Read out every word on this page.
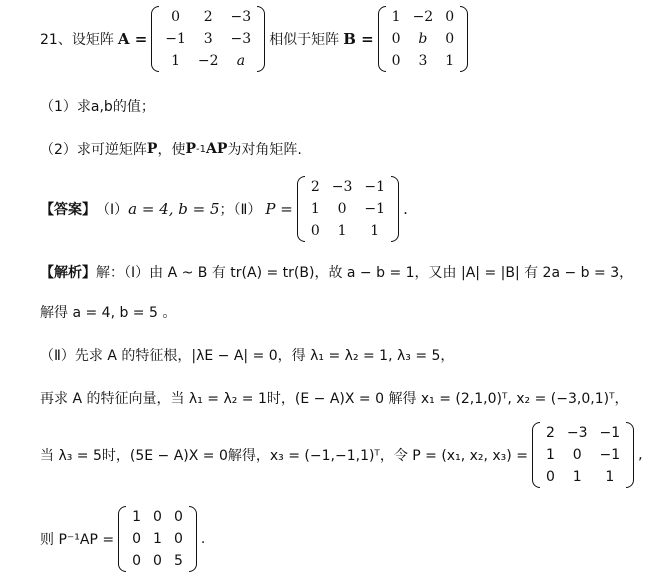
21、设矩阵 A =
0	2	−3
−1	3	−3
1	−2	a
相似于矩阵 B =
1	−2	0
0	b	0
0	3	1
（1）求a,b的值；
（2）求可逆矩阵 P ，使 P -1 AP 为对角矩阵.
【答案】 （Ⅰ） a = 4, b = 5 ；（Ⅱ） P =
2	−3	−1
1	0	−1
0	1	1
.
【解析】 解：（Ⅰ）由 A ~ B 有 tr(A) = tr(B)，故 a − b = 1，又由 |A| = |B| 有 2a − b = 3，
解得 a = 4, b = 5 。
（Ⅱ）先求 A 的特征根，|λE − A| = 0，得 λ₁ = λ₂ = 1, λ₃ = 5，
再求 A 的特征向量，当 λ₁ = λ₂ = 1时，(E − A)X = 0 解得 x₁ = (2,1,0)ᵀ, x₂ = (−3,0,1)ᵀ，
当 λ₃ = 5时，(5E − A)X = 0解得，x₃ = (−1,−1,1)ᵀ，令 P = (x₁, x₂, x₃) =
2	−3	−1
1	0	−1
0	1	1
,
则 P⁻¹AP =
1	0	0
0	1	0
0	0	5
.
